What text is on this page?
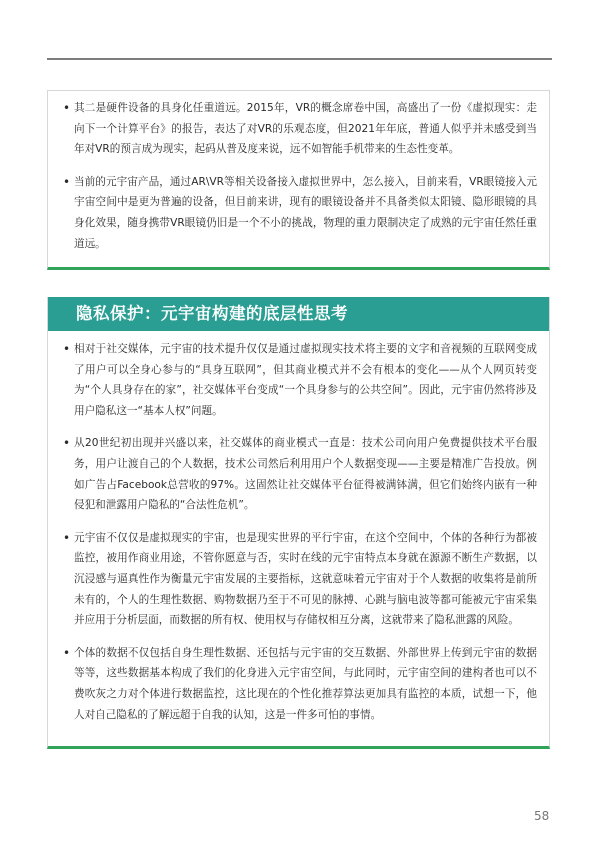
• 其二是硬件设备的具身化任重道远。2015年，VR的概念席卷中国，高盛出了一份《虚拟现实：走向下一个计算平台》的报告，表达了对VR的乐观态度，但2021年年底，普通人似乎并未感受到当年对VR的预言成为现实，起码从普及度来说，远不如智能手机带来的生态性变革。
• 当前的元宇宙产品，通过AR\VR等相关设备接入虚拟世界中，怎么接入，目前来看，VR眼镜接入元宇宙空间中是更为普遍的设备，但目前来讲，现有的眼镜设备并不具备类似太阳镜、隐形眼镜的具身化效果，随身携带VR眼镜仍旧是一个不小的挑战，物理的重力限制决定了成熟的元宇宙任然任重道远。
隐私保护：元宇宙构建的底层性思考
• 相对于社交媒体，元宇宙的技术提升仅仅是通过虚拟现实技术将主要的文字和音视频的互联网变成了用户可以全身心参与的“具身互联网”，但其商业模式并不会有根本的变化——从个人网页转变为“个人具身存在的家”，社交媒体平台变成“一个具身参与的公共空间”。因此，元宇宙仍然将涉及用户隐私这一“基本人权”问题。
• 从20世纪初出现并兴盛以来，社交媒体的商业模式一直是：技术公司向用户免费提供技术平台服务，用户让渡自己的个人数据，技术公司然后利用用户个人数据变现——主要是精准广告投放。例如广告占Facebook总营收的97%。这固然让社交媒体平台征得被满钵满，但它们始终内嵌有一种侵犯和泄露用户隐私的“合法性危机”。
• 元宇宙不仅仅是虚拟现实的宇宙，也是现实世界的平行宇宙，在这个空间中，个体的各种行为都被监控，被用作商业用途，不管你愿意与否，实时在线的元宇宙特点本身就在源源不断生产数据，以沉浸感与逼真性作为衡量元宇宙发展的主要指标，这就意味着元宇宙对于个人数据的收集将是前所未有的，个人的生理性数据、购物数据乃至于不可见的脉搏、心跳与脑电波等都可能被元宇宙采集并应用于分析层面，而数据的所有权、使用权与存储权相互分离，这就带来了隐私泄露的风险。
• 个体的数据不仅包括自身生理性数据、还包括与元宇宙的交互数据、外部世界上传到元宇宙的数据等等，这些数据基本构成了我们的化身进入元宇宙空间，与此同时，元宇宙空间的建构者也可以不费吹灰之力对个体进行数据监控，这比现在的个性化推荐算法更加具有监控的本质，试想一下，他人对自己隐私的了解远超于自我的认知，这是一件多可怕的事情。
58
